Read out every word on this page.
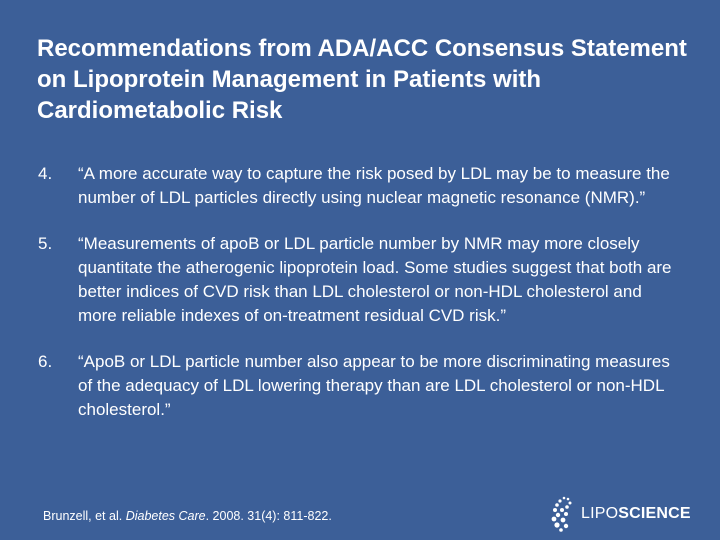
Recommendations from ADA/ACC Consensus Statement on Lipoprotein Management in Patients with Cardiometabolic Risk
4.	“A more accurate way to capture the risk posed by LDL may be to measure the number of LDL particles directly using nuclear magnetic resonance (NMR).”
5.	“Measurements of apoB or LDL particle number by NMR may more closely quantitate the atherogenic lipoprotein load. Some studies suggest that both are better indices of CVD risk than LDL cholesterol or non-HDL cholesterol and more reliable indexes of on-treatment residual CVD risk.”
6.	“ApoB or LDL particle number also appear to be more discriminating measures of the adequacy of LDL lowering therapy than are LDL cholesterol or non-HDL cholesterol.”
Brunzell, et al. Diabetes Care. 2008. 31(4): 811-822.	LIPOSCIENCE
